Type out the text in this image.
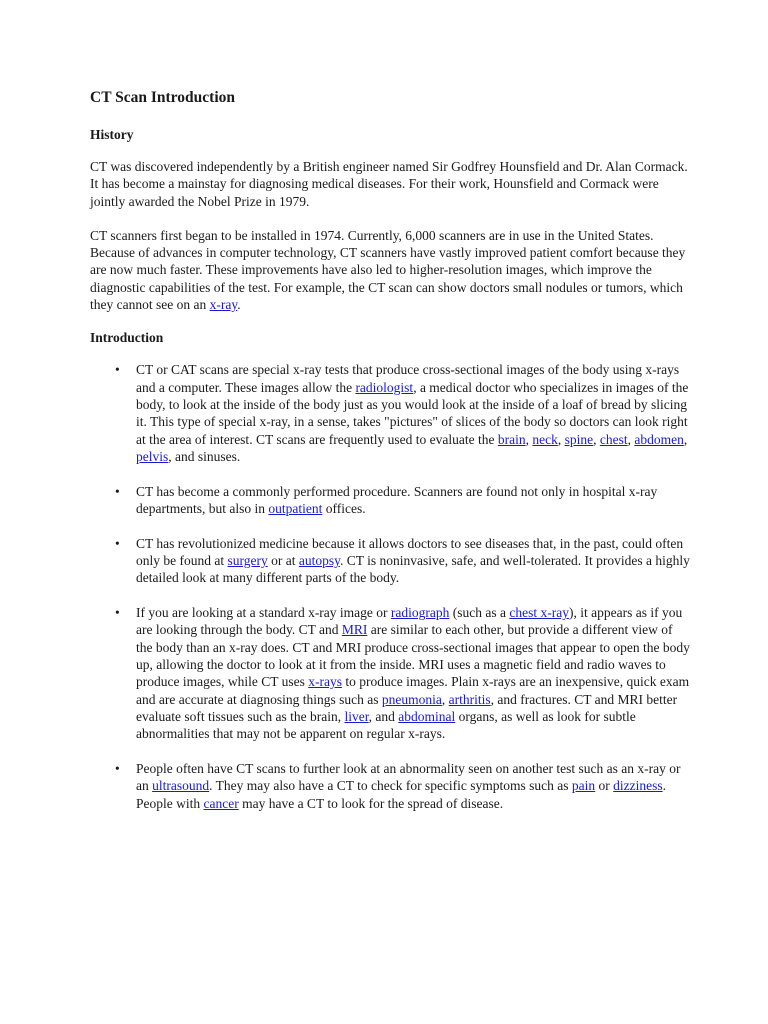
CT Scan Introduction
History

CT was discovered independently by a British engineer named Sir Godfrey Hounsfield and Dr. Alan Cormack. It has become a mainstay for diagnosing medical diseases. For their work, Hounsfield and Cormack were jointly awarded the Nobel Prize in 1979.

CT scanners first began to be installed in 1974. Currently, 6,000 scanners are in use in the United States. Because of advances in computer technology, CT scanners have vastly improved patient comfort because they are now much faster. These improvements have also led to higher-resolution images, which improve the diagnostic capabilities of the test. For example, the CT scan can show doctors small nodules or tumors, which they cannot see on an x-ray.

Introduction
• CT or CAT scans are special x-ray tests that produce cross-sectional images of the body using x-rays and a computer. These images allow the radiologist, a medical doctor who specializes in images of the body, to look at the inside of the body just as you would look at the inside of a loaf of bread by slicing it. This type of special x-ray, in a sense, takes "pictures" of slices of the body so doctors can look right at the area of interest. CT scans are frequently used to evaluate the brain, neck, spine, chest, abdomen, pelvis, and sinuses.
• CT has become a commonly performed procedure. Scanners are found not only in hospital x-ray departments, but also in outpatient offices.
• CT has revolutionized medicine because it allows doctors to see diseases that, in the past, could often only be found at surgery or at autopsy. CT is noninvasive, safe, and well-tolerated. It provides a highly detailed look at many different parts of the body.
• If you are looking at a standard x-ray image or radiograph (such as a chest x-ray), it appears as if you are looking through the body. CT and MRI are similar to each other, but provide a different view of the body than an x-ray does. CT and MRI produce cross-sectional images that appear to open the body up, allowing the doctor to look at it from the inside. MRI uses a magnetic field and radio waves to produce images, while CT uses x-rays to produce images. Plain x-rays are an inexpensive, quick exam and are accurate at diagnosing things such as pneumonia, arthritis, and fractures. CT and MRI better evaluate soft tissues such as the brain, liver, and abdominal organs, as well as look for subtle abnormalities that may not be apparent on regular x-rays.
• People often have CT scans to further look at an abnormality seen on another test such as an x-ray or an ultrasound. They may also have a CT to check for specific symptoms such as pain or dizziness. People with cancer may have a CT to look for the spread of disease.
